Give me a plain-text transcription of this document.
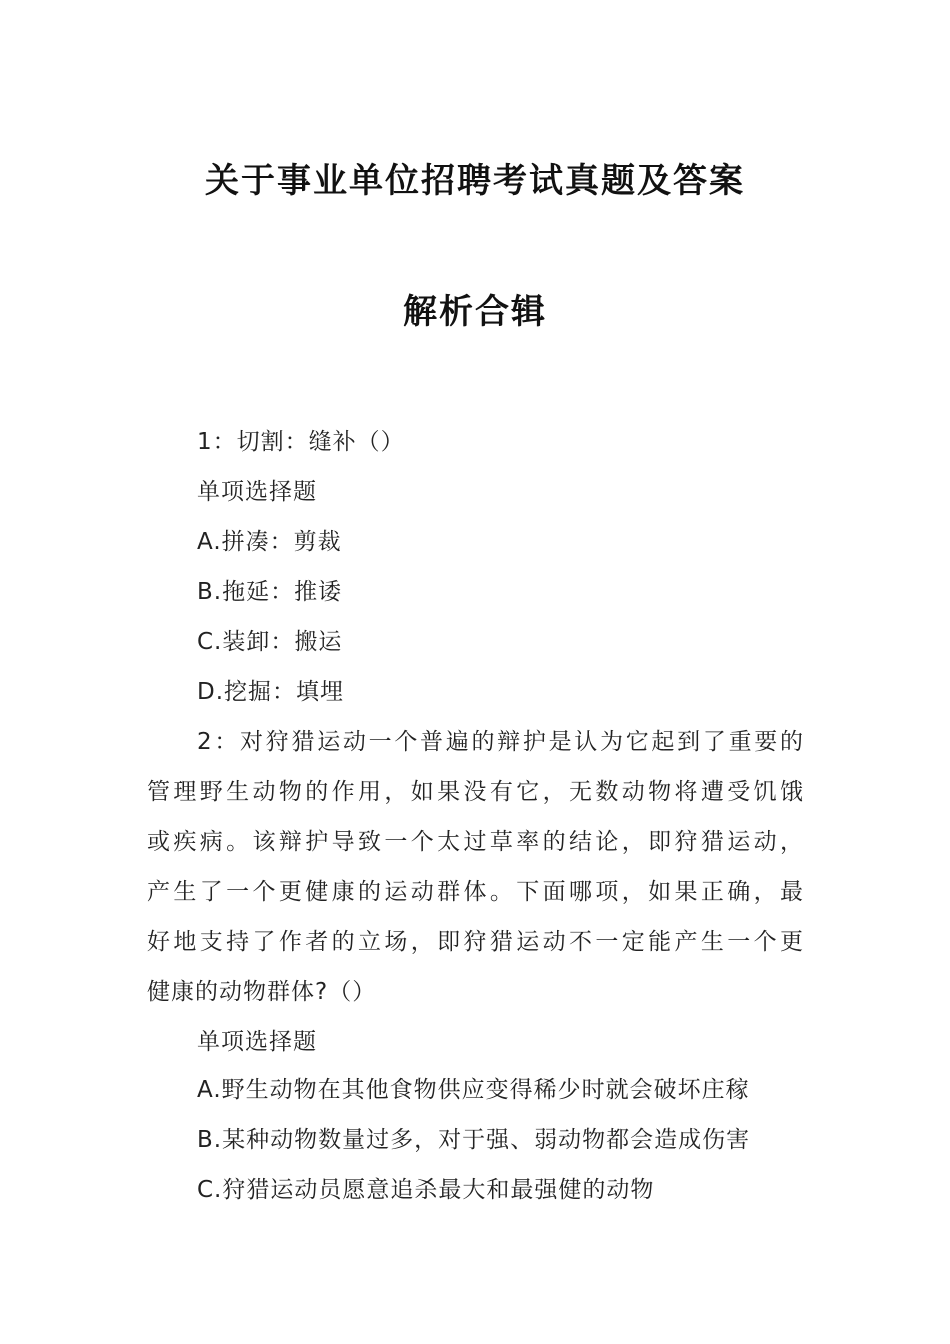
关于事业单位招聘考试真题及答案
解析合辑
1：切割：缝补（）
单项选择题
A.拼凑：剪裁
B.拖延：推诿
C.装卸：搬运
D.挖掘：填埋
2：对狩猎运动一个普遍的辩护是认为它起到了重要的
管理野生动物的作用，如果没有它，无数动物将遭受饥饿
或疾病。该辩护导致一个太过草率的结论，即狩猎运动，
产生了一个更健康的运动群体。下面哪项，如果正确，最
好地支持了作者的立场，即狩猎运动不一定能产生一个更
健康的动物群体?（）
单项选择题
A.野生动物在其他食物供应变得稀少时就会破坏庄稼
B.某种动物数量过多，对于强、弱动物都会造成伤害
C.狩猎运动员愿意追杀最大和最强健的动物
